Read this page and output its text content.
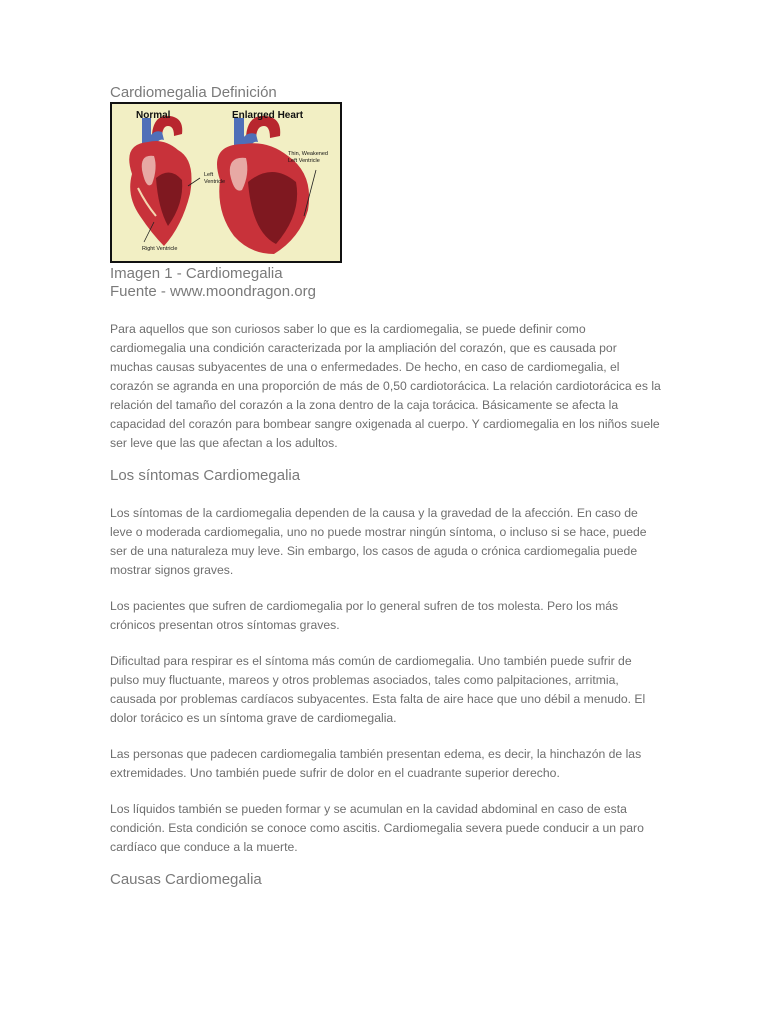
Cardiomegalia Definición
Normal	Enlarged Heart
Thin, Weakened
Left Ventricle
Left
Ventricle
Right Ventricle
Imagen 1 - Cardiomegalia
Fuente - www.moondragon.org

Para aquellos que son curiosos saber lo que es la cardiomegalia, se puede definir como cardiomegalia una condición caracterizada por la ampliación del corazón, que es causada por muchas causas subyacentes de una o enfermedades. De hecho, en caso de cardiomegalia, el corazón se agranda en una proporción de más de 0,50 cardiotorácica. La relación cardiotorácica es la relación del tamaño del corazón a la zona dentro de la caja torácica. Básicamente se afecta la capacidad del corazón para bombear sangre oxigenada al cuerpo. Y cardiomegalia en los niños suele ser leve que las que afectan a los adultos.

Los síntomas Cardiomegalia

Los síntomas de la cardiomegalia dependen de la causa y la gravedad de la afección. En caso de leve o moderada cardiomegalia, uno no puede mostrar ningún síntoma, o incluso si se hace, puede ser de una naturaleza muy leve. Sin embargo, los casos de aguda o crónica cardiomegalia puede mostrar signos graves.

Los pacientes que sufren de cardiomegalia por lo general sufren de tos molesta. Pero los más crónicos presentan otros síntomas graves.

Dificultad para respirar es el síntoma más común de cardiomegalia. Uno también puede sufrir de pulso muy fluctuante, mareos y otros problemas asociados, tales como palpitaciones, arritmia, causada por problemas cardíacos subyacentes. Esta falta de aire hace que uno débil a menudo. El dolor torácico es un síntoma grave de cardiomegalia.

Las personas que padecen cardiomegalia también presentan edema, es decir, la hinchazón de las extremidades. Uno también puede sufrir de dolor en el cuadrante superior derecho.

Los líquidos también se pueden formar y se acumulan en la cavidad abdominal en caso de esta condición. Esta condición se conoce como ascitis. Cardiomegalia severa puede conducir a un paro cardíaco que conduce a la muerte.

Causas Cardiomegalia
